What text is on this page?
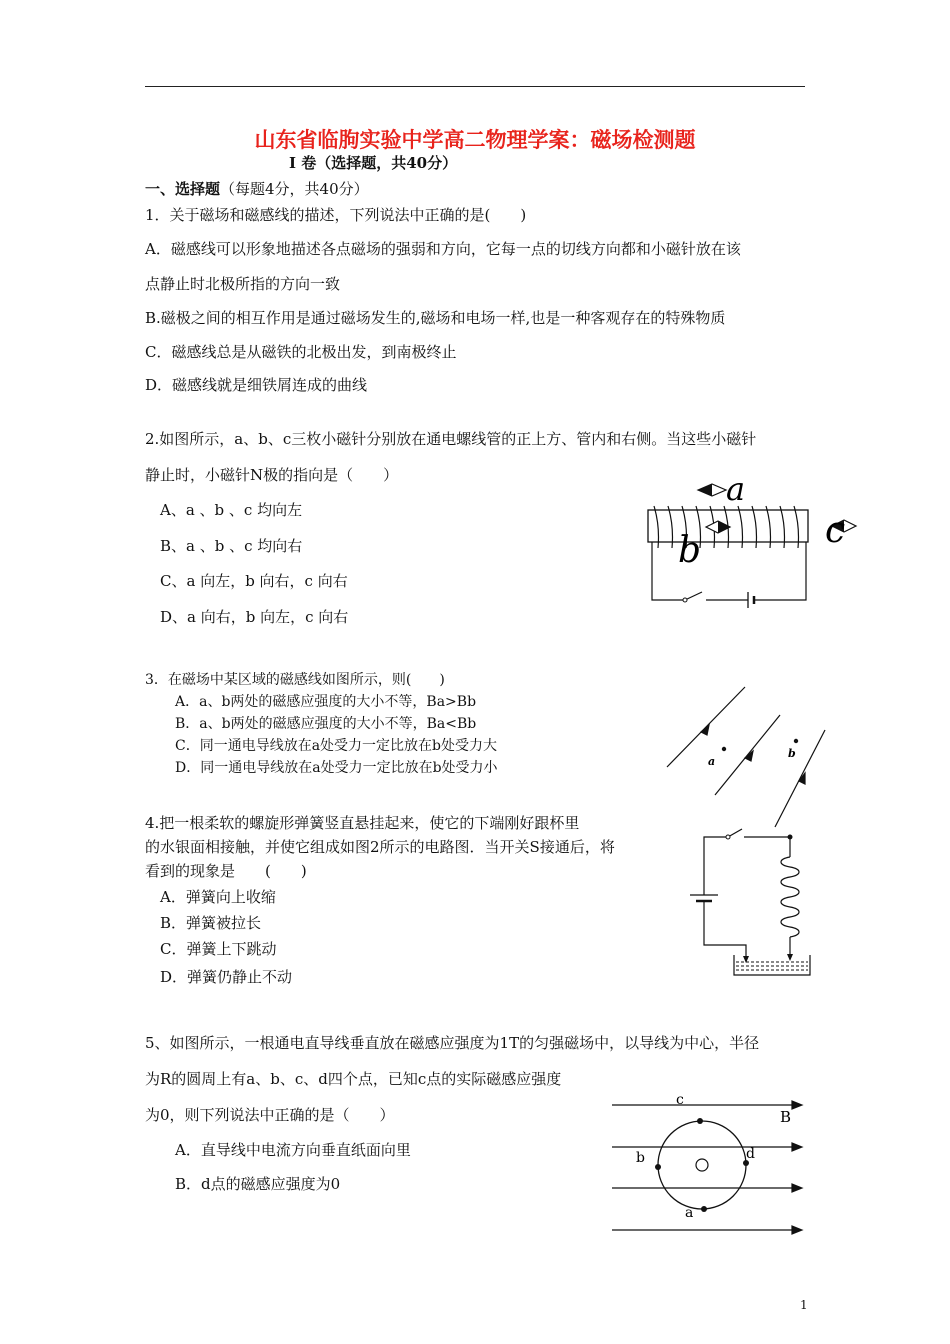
山东省临朐实验中学高二物理学案：磁场检测题
Ⅰ 卷（选择题，共40分）
一、选择题（每题4分，共40分）
1．关于磁场和磁感线的描述，下列说法中正确的是(　　)
A．磁感线可以形象地描述各点磁场的强弱和方向，它每一点的切线方向都和小磁针放在该
点静止时北极所指的方向一致
B.磁极之间的相互作用是通过磁场发生的,磁场和电场一样,也是一种客观存在的特殊物质
C．磁感线总是从磁铁的北极出发，到南极终止
D．磁感线就是细铁屑连成的曲线
2.如图所示，a、b、c三枚小磁针分别放在通电螺线管的正上方、管内和右侧。当这些小磁针
静止时，小磁针N极的指向是（　　）
A、a 、b 、c 均向左
B、a 、b 、c 均向右
C、a 向左，b 向右，c 向右
D、a 向右，b 向左，c 向右
a
b	c
3．在磁场中某区域的磁感线如图所示，则(　　)
A．a、b两处的磁感应强度的大小不等，Ba>Bb
B．a、b两处的磁感应强度的大小不等，Ba<Bb
C．同一通电导线放在a处受力一定比放在b处受力大
D．同一通电导线放在a处受力一定比放在b处受力小	a
b
4.把一根柔软的螺旋形弹簧竖直悬挂起来，使它的下端刚好跟杯里
的水银面相接触，并使它组成如图2所示的电路图．当开关S接通后，将
看到的现象是　　(　　)
A．弹簧向上收缩
B．弹簧被拉长
C．弹簧上下跳动
D．弹簧仍静止不动
5、如图所示，一根通电直导线垂直放在磁感应强度为1T的匀强磁场中，以导线为中心，半径
为R的圆周上有a、b、c、d四个点，已知c点的实际磁感应强度
为0，则下列说法中正确的是（　　）
A．直导线中电流方向垂直纸面向里
B．d点的磁感应强度为0
c
b	d
a
B
1
